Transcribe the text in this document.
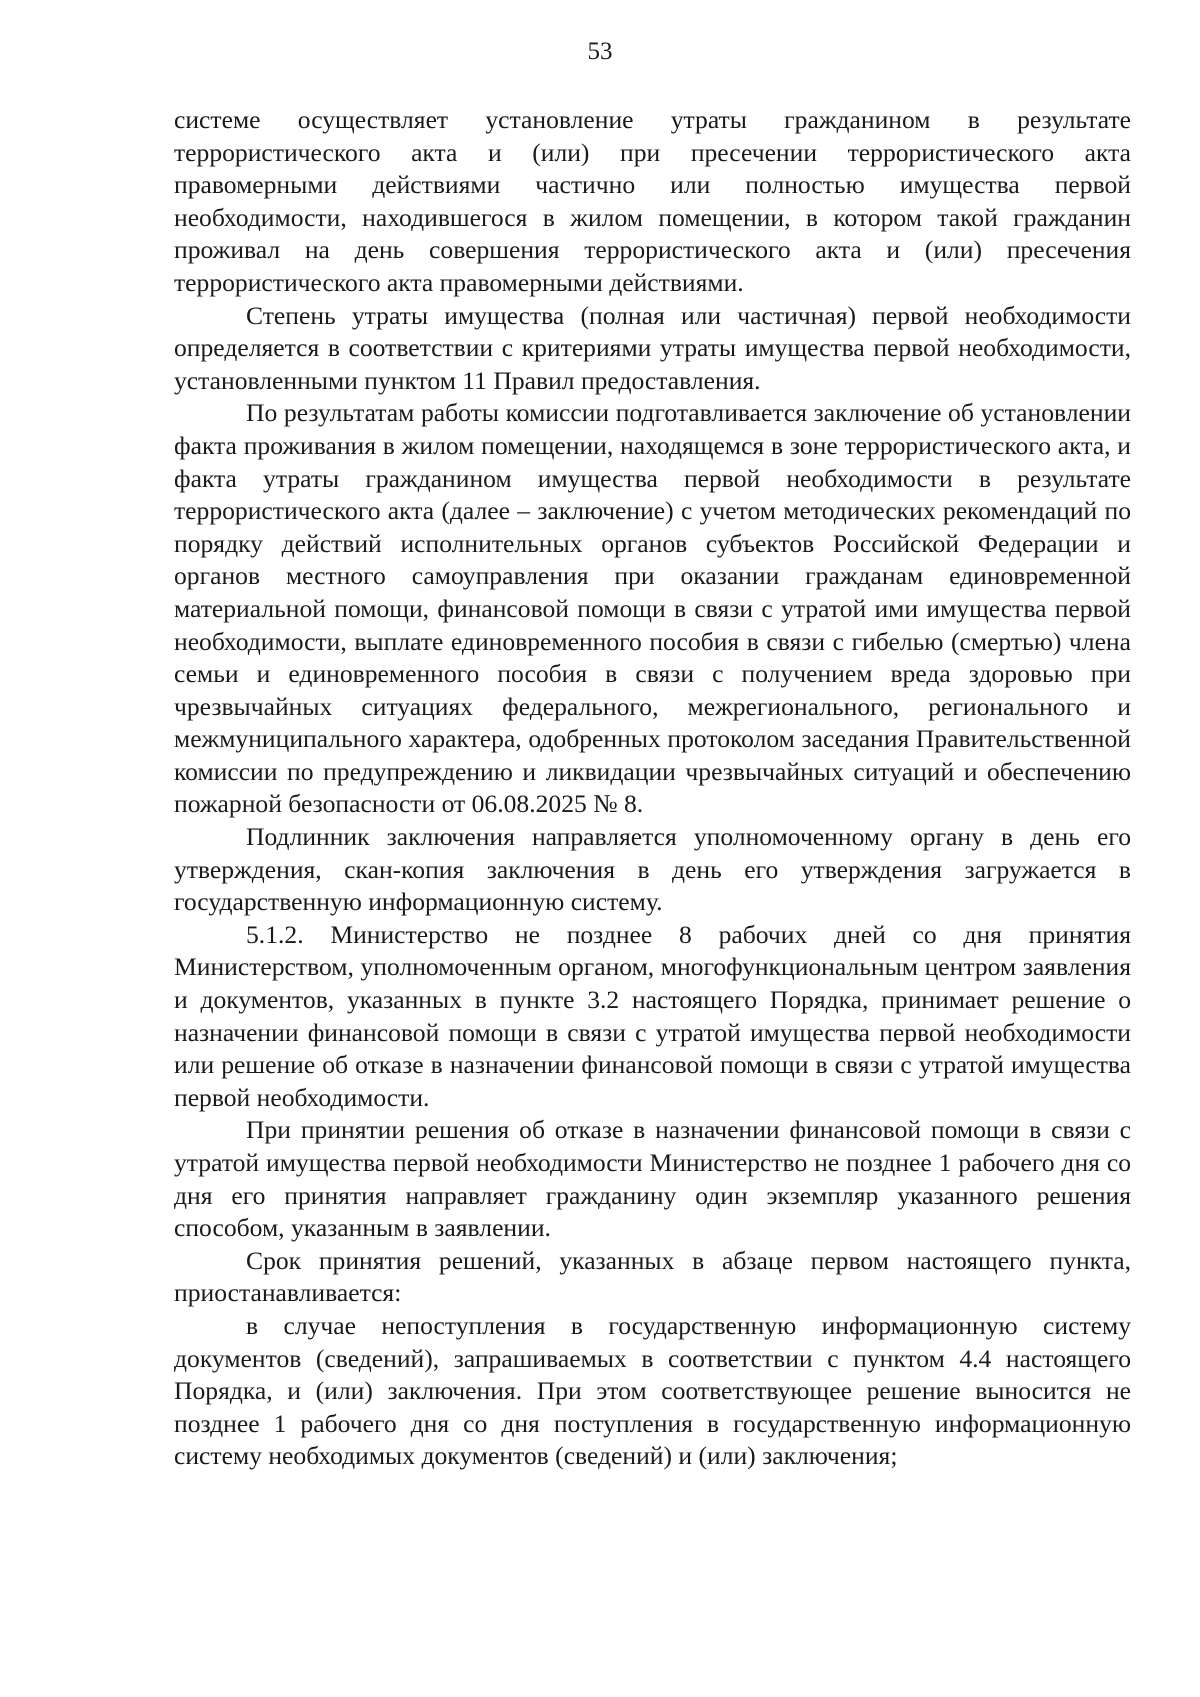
53

системе осуществляет установление утраты гражданином в результате террористического акта и (или) при пресечении террористического акта правомерными действиями частично или полностью имущества первой необходимости, находившегося в жилом помещении, в котором такой гражданин проживал на день совершения террористического акта и (или) пресечения террористического акта правомерными действиями.

Степень утраты имущества (полная или частичная) первой необходимости определяется в соответствии с критериями утраты имущества первой необходимости, установленными пунктом 11 Правил предоставления.

По результатам работы комиссии подготавливается заключение об установлении факта проживания в жилом помещении, находящемся в зоне террористического акта, и факта утраты гражданином имущества первой необходимости в результате террористического акта (далее – заключение) с учетом методических рекомендаций по порядку действий исполнительных органов субъектов Российской Федерации и органов местного самоуправления при оказании гражданам единовременной материальной помощи, финансовой помощи в связи с утратой ими имущества первой необходимости, выплате единовременного пособия в связи с гибелью (смертью) члена семьи и единовременного пособия в связи с получением вреда здоровью при чрезвычайных ситуациях федерального, межрегионального, регионального и межмуниципального характера, одобренных протоколом заседания Правительственной комиссии по предупреждению и ликвидации чрезвычайных ситуаций и обеспечению пожарной безопасности от 06.08.2025 № 8.

Подлинник заключения направляется уполномоченному органу в день его утверждения, скан-копия заключения в день его утверждения загружается в государственную информационную систему.

5.1.2. Министерство не позднее 8 рабочих дней со дня принятия Министерством, уполномоченным органом, многофункциональным центром заявления и документов, указанных в пункте 3.2 настоящего Порядка, принимает решение о назначении финансовой помощи в связи с утратой имущества первой необходимости или решение об отказе в назначении финансовой помощи в связи с утратой имущества первой необходимости.

При принятии решения об отказе в назначении финансовой помощи в связи с утратой имущества первой необходимости Министерство не позднее 1 рабочего дня со дня его принятия направляет гражданину один экземпляр указанного решения способом, указанным в заявлении.

Срок принятия решений, указанных в абзаце первом настоящего пункта, приостанавливается:

в случае непоступления в государственную информационную систему документов (сведений), запрашиваемых в соответствии с пунктом 4.4 настоящего Порядка, и (или) заключения. При этом соответствующее решение выносится не позднее 1 рабочего дня со дня поступления в государственную информационную систему необходимых документов (сведений) и (или) заключения;
